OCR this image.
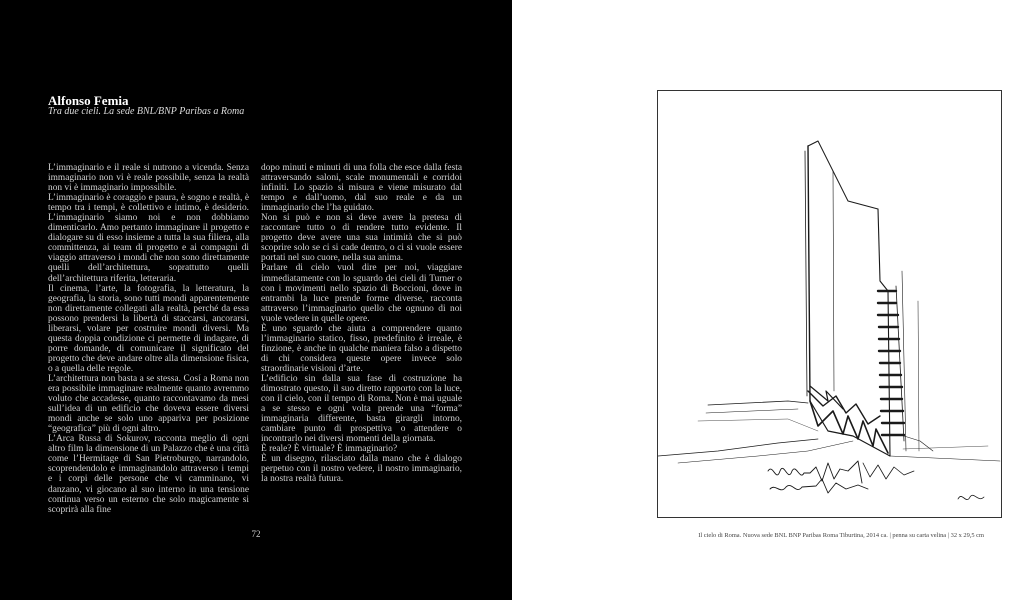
Alfonso Femia
Tra due cieli. La sede BNL/BNP Paribas a Roma

L’immaginario e il reale si nutrono a vicenda. Senza immaginario non vi è reale possibile, senza la realtà non vi è immaginario impossibile.

L’immaginario è coraggio e paura, è sogno e realtà, è tempo tra i tempi, è collettivo e intimo, è desiderio. L’immaginario siamo noi e non dobbiamo dimenticarlo. Amo pertanto immaginare il progetto e dialogare su di esso insieme a tutta la sua filiera, alla committenza, ai team di progetto e ai compagni di viaggio attraverso i mondi che non sono direttamente quelli dell’architettura, soprattutto quelli dell’architettura riferita, letteraria.

Il cinema, l’arte, la fotografia, la letteratura, la geografia, la storia, sono tutti mondi apparentemente non direttamente collegati alla realtà, perché da essa possono prendersi la libertà di staccarsi, ancorarsi, liberarsi, volare per costruire mondi diversi. Ma questa doppia condizione ci permette di indagare, di porre domande, di comunicare il significato del progetto che deve andare oltre alla dimensione fisica, o a quella delle regole.

L’architettura non basta a se stessa. Cosí a Roma non era possibile immaginare realmente quanto avremmo voluto che accadesse, quanto raccontavamo da mesi sull’idea di un edificio che doveva essere diversi mondi anche se solo uno appariva per posizione “geografica” più di ogni altro.

L’Arca Russa di Sokurov, racconta meglio di ogni altro film la dimensione di un Palazzo che è una città come l’Hermitage di San Pietroburgo, narrandolo, scoprendendolo e immaginandolo attraverso i tempi e i corpi delle persone che vi camminano, vi danzano, vi giocano al suo interno in una tensione continua verso un esterno che solo magicamente si scoprirà alla fine

dopo minuti e minuti di una folla che esce dalla festa attraversando saloni, scale monumentali e corridoi infiniti. Lo spazio si misura e viene misurato dal tempo e dall’uomo, dal suo reale e da un immaginario che l’ha guidato.

Non si può e non si deve avere la pretesa di raccontare tutto o di rendere tutto evidente. Il progetto deve avere una sua intimità che si può scoprire solo se ci si cade dentro, o ci si vuole essere portati nel suo cuore, nella sua anima.

Parlare di cielo vuol dire per noi, viaggiare immediatamente con lo sguardo dei cieli di Turner o con i movimenti nello spazio di Boccioni, dove in entrambi la luce prende forme diverse, racconta attraverso l’immaginario quello che ognuno di noi vuole vedere in quelle opere.

È uno sguardo che aiuta a comprendere quanto l’immaginario statico, fisso, predefinito è irreale, è finzione, è anche in qualche maniera falso a dispetto di chi considera queste opere invece solo straordinarie visioni d’arte.

L’edificio sin dalla sua fase di costruzione ha dimostrato questo, il suo diretto rapporto con la luce, con il cielo, con il tempo di Roma. Non è mai uguale a se stesso e ogni volta prende una “forma” immaginaria differente, basta girargli intorno, cambiare punto di prospettiva o attendere o incontrarlo nei diversi momenti della giornata.

È reale? È virtuale? È immaginario?

È un disegno, rilasciato dalla mano che è dialogo perpetuo con il nostro vedere, il nostro immaginario, la nostra realtà futura.

72	Il cielo di Roma. Nuova sede BNL BNP Paribas Roma Tiburtina, 2014 ca. | penna su carta velina | 32 x 29,5 cm
